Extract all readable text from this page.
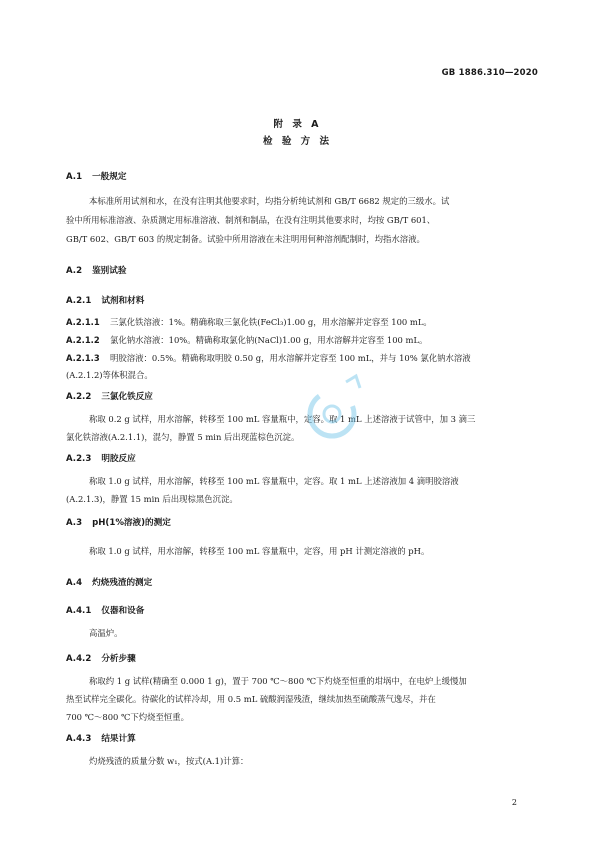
GB 1886.310—2020
附 录 A
检 验 方 法
A.1 一般规定
本标准所用试剂和水，在没有注明其他要求时，均指分析纯试剂和 GB/T 6682 规定的三级水。试
验中所用标准溶液、杂质测定用标准溶液、制剂和制品，在没有注明其他要求时，均按 GB/T 601、
GB/T 602、GB/T 603 的规定制备。试验中所用溶液在未注明用何种溶剂配制时，均指水溶液。
A.2 鉴别试验
A.2.1 试剂和材料
A.2.1.1 三氯化铁溶液：1%。精确称取三氯化铁(FeCl₃)1.00 g，用水溶解并定容至 100 mL。
A.2.1.2 氯化钠水溶液：10%。精确称取氯化钠(NaCl)1.00 g，用水溶解并定容至 100 mL。
A.2.1.3 明胶溶液：0.5%。精确称取明胶 0.50 g，用水溶解并定容至 100 mL，并与 10% 氯化钠水溶液
(A.2.1.2)等体积混合。
A.2.2 三氯化铁反应
称取 0.2 g 试样，用水溶解，转移至 100 mL 容量瓶中，定容。取 1 mL 上述溶液于试管中，加 3 滴三
氯化铁溶液(A.2.1.1)，混匀，静置 5 min 后出现蓝棕色沉淀。
A.2.3 明胶反应
称取 1.0 g 试样，用水溶解，转移至 100 mL 容量瓶中，定容。取 1 mL 上述溶液加 4 滴明胶溶液
(A.2.1.3)，静置 15 min 后出现棕黑色沉淀。
A.3 pH(1%溶液)的测定
称取 1.0 g 试样，用水溶解，转移至 100 mL 容量瓶中，定容，用 pH 计测定溶液的 pH。
A.4 灼烧残渣的测定
A.4.1 仪器和设备
高温炉。
A.4.2 分析步骤
称取约 1 g 试样(精确至 0.000 1 g)，置于 700 ℃～800 ℃下灼烧至恒重的坩埚中，在电炉上缓慢加
热至试样完全碳化。待碳化的试样冷却，用 0.5 mL 硫酸润湿残渣，继续加热至硫酸蒸气逸尽，并在
700 ℃～800 ℃下灼烧至恒重。
A.4.3 结果计算
灼烧残渣的质量分数 w₁，按式(A.1)计算：
2
